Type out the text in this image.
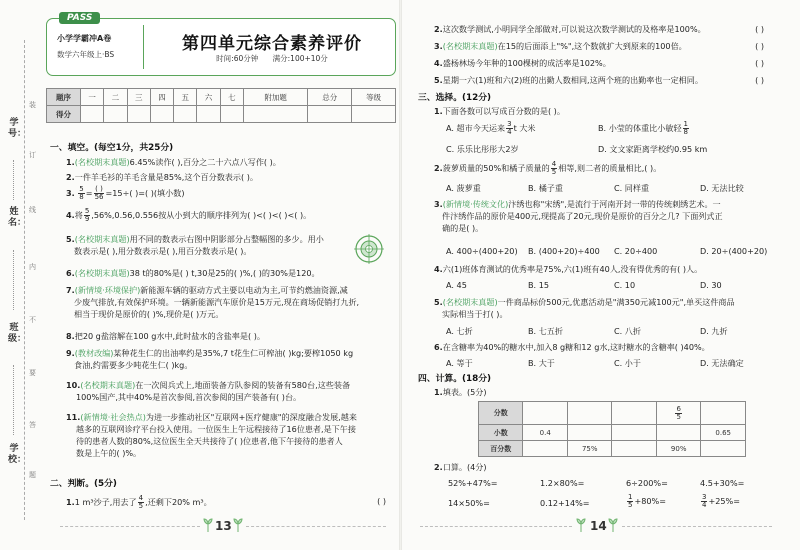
学号：
姓名：
班级：
学校：
装
订
线
内
不
要
答
题
PASS
小学学霸冲A卷
数学六年级上·BS
第四单元综合素养评价
时间:60分钟 满分:100+10分
题序	一	二	三	四	五	六	七	附加题	总分	等级
得分										
一、填空。(每空1分，共25分)
1.(名校期末真题)6.45%读作( ),百分之二十六点八写作( )。
2.一件羊毛衫的羊毛含量是85%,这个百分数表示( )。
3. $\frac{5}{8} = \frac{( )}{56} =15\div$( )=( )(填小数)
4.将 $\frac{5}{9} ,56\%,0.56,0.556$按从小到大的顺序排列为( )<( )<( )<( )。
5.(名校期末真题)用不同的数表示右图中阴影部分占整幅图的多少。用小
数表示是( ),用分数表示是( ),用百分数表示是( )。
6.(名校期末真题)38 t的80%是( ) t,30是25的( )%,( )的30%是120。
7.(新情境·环境保护)新能源车辆的驱动方式主要以电动为主,可节约燃油资源,减
少废气排放,有效保护环境。一辆新能源汽车原价是15万元,现在商场促销打九折,
相当于现价是原价的( )%,现价是( )万元。
8.把20 g盐溶解在100 g水中,此时盐水的含盐率是( )。
9.(教材改编)某种花生仁的出油率约是35%,7 t花生仁可榨油( )kg;要榨1050 kg
食油,约需要多少吨花生仁( )kg。
10.(名校期末真题)在一次阅兵式上,地面装备方队参阅的装备有580台,这些装备
100%国产,其中40%是首次参阅,首次参阅的国产装备有( )台。
11.(新情境·社会热点)为进一步推动社区"互联网+医疗健康"的深度融合发展,越来
越多的互联网诊疗平台投入使用。一位医生上午远程接待了16位患者,是下午接
待的患者人数的80%,这位医生全天共接待了( )位患者,他下午接待的患者人
数是上午的( )%。
二、判断。(5分)
1.1 m³沙子,用去了 $\frac{4}{5}$ ,还剩下20% m³。	( )
13
2.这次数学测试,小明同学全部做对,可以说这次数学测试的及格率是100%。	( )
3.(名校期末真题)在15的后面添上"%",这个数就扩大到原来的100倍。	( )
4.盛杨林场今年种的100棵树的成活率是102%。	( )
5.星期一六(1)班和六(2)班的出勤人数相同,这两个班的出勤率也一定相同。	( )
三、选择。(12分)
1.下面各数可以写成百分数的是( )。
A. 超市今天运来 $\frac{3}{4}$ t 大米	B. 小莹的体重比小敏轻 $\frac{1}{8}$
C. 乐乐比彤彤大2岁	D. 文文家距离学校约0.95 km
2.菠萝质量的50%和橘子质量的 $\frac{4}{5}$ 相等,则二者的质量相比,( )。
A. 菠萝重	B. 橘子重	C. 同样重	D. 无法比较
3.(新情境·传统文化)汴绣也称"宋绣",是流行于河南开封一带的传统刺绣艺术。一
件汴绣作品的原价是400元,现提高了20元,现价是原价的百分之几? 下面列式正
确的是( )。
A. 400÷(400+20) B. (400+20)÷400 C. 20÷400	D. 20÷(400+20)
4.六(1)班体育测试的优秀率是75%,六(1)班有40人,没有得优秀的有( )人。
A. 45	B. 15	C. 10	D. 30
5.(名校期末真题)一件商品标价500元,优惠活动是"满350元减100元",单买这件商品
实际相当于打( )。
A. 七折	B. 七五折	C. 八折	D. 九折
6.在含糖率为40%的糖水中,加入8 g糖和12 g水,这时糖水的含糖率( )40%。
A. 等于	B. 大于	C. 小于	D. 无法确定
四、计算。(18分)
1.填表。(5分)
分数				$\frac{6}{5}$

小数	0.4				0.65
百分数		75%		90%	
2.口算。(4分)
52%+47%=	1.2×80%=	6÷200%=	4.5+30%=
14×50%=	0.12+14%=	$\frac{1}{5} +80\%=$	$\frac{3}{4} +25\%=$
14
